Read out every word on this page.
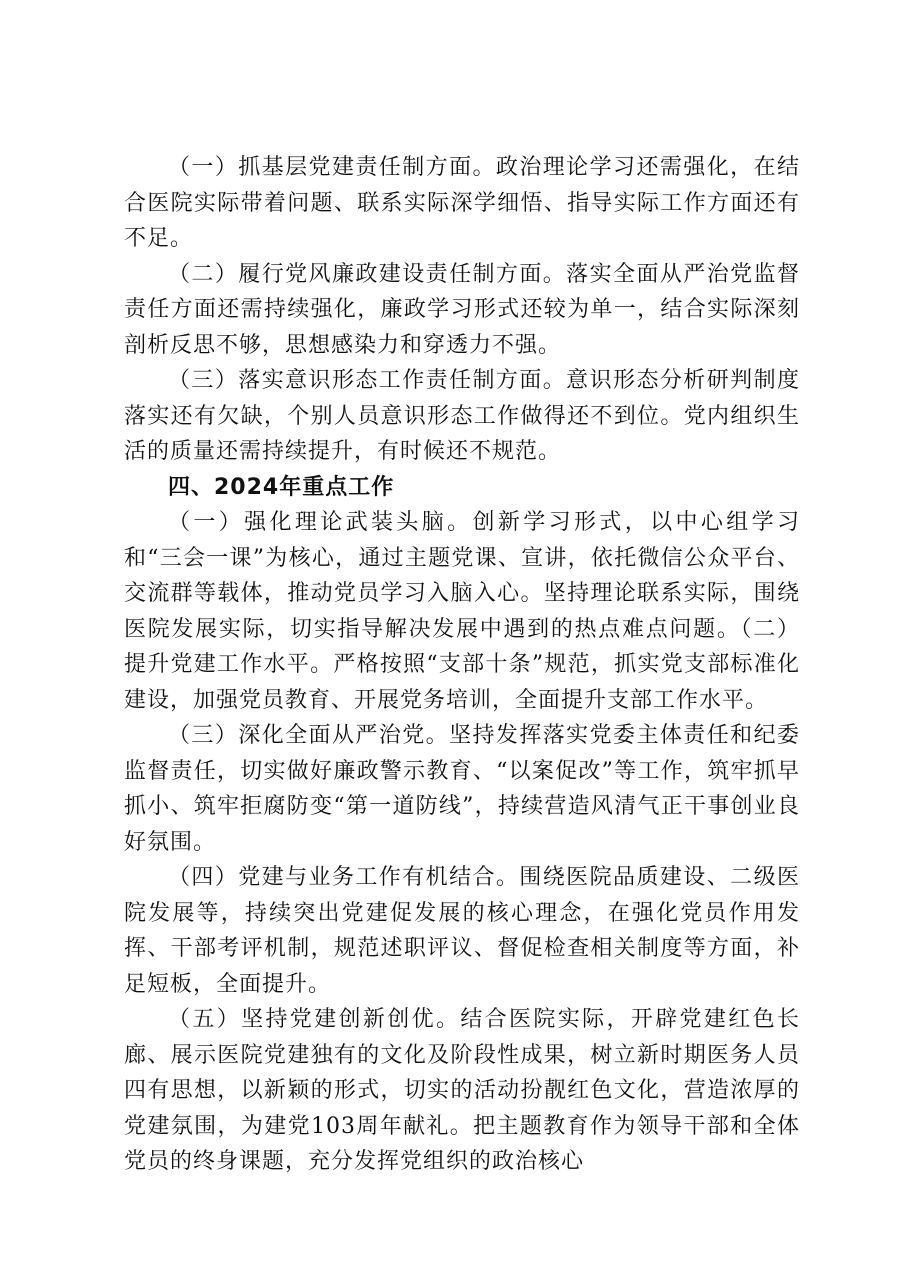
（一）抓基层党建责任制方面。政治理论学习还需强化，在结合医院实际带着问题、联系实际深学细悟、指导实际工作方面还有不足。

（二）履行党风廉政建设责任制方面。落实全面从严治党监督责任方面还需持续强化，廉政学习形式还较为单一，结合实际深刻剖析反思不够，思想感染力和穿透力不强。

（三）落实意识形态工作责任制方面。意识形态分析研判制度落实还有欠缺，个别人员意识形态工作做得还不到位。党内组织生活的质量还需持续提升，有时候还不规范。

四、2024年重点工作

（一）强化理论武装头脑。创新学习形式，以中心组学习和“三会一课”为核心，通过主题党课、宣讲，依托微信公众平台、交流群等载体，推动党员学习入脑入心。坚持理论联系实际，围绕医院发展实际，切实指导解决发展中遇到的热点难点问题。（二）提升党建工作水平。严格按照“支部十条”规范，抓实党支部标准化建设，加强党员教育、开展党务培训，全面提升支部工作水平。

（三）深化全面从严治党。坚持发挥落实党委主体责任和纪委监督责任，切实做好廉政警示教育、“以案促改”等工作，筑牢抓早抓小、筑牢拒腐防变“第一道防线”，持续营造风清气正干事创业良好氛围。

（四）党建与业务工作有机结合。围绕医院品质建设、二级医院发展等，持续突出党建促发展的核心理念，在强化党员作用发挥、干部考评机制，规范述职评议、督促检查相关制度等方面，补足短板，全面提升。

（五）坚持党建创新创优。结合医院实际，开辟党建红色长廊、展示医院党建独有的文化及阶段性成果，树立新时期医务人员四有思想，以新颖的形式，切实的活动扮靓红色文化，营造浓厚的党建氛围，为建党103周年献礼。把主题教育作为领导干部和全体党员的终身课题，充分发挥党组织的政治核心
